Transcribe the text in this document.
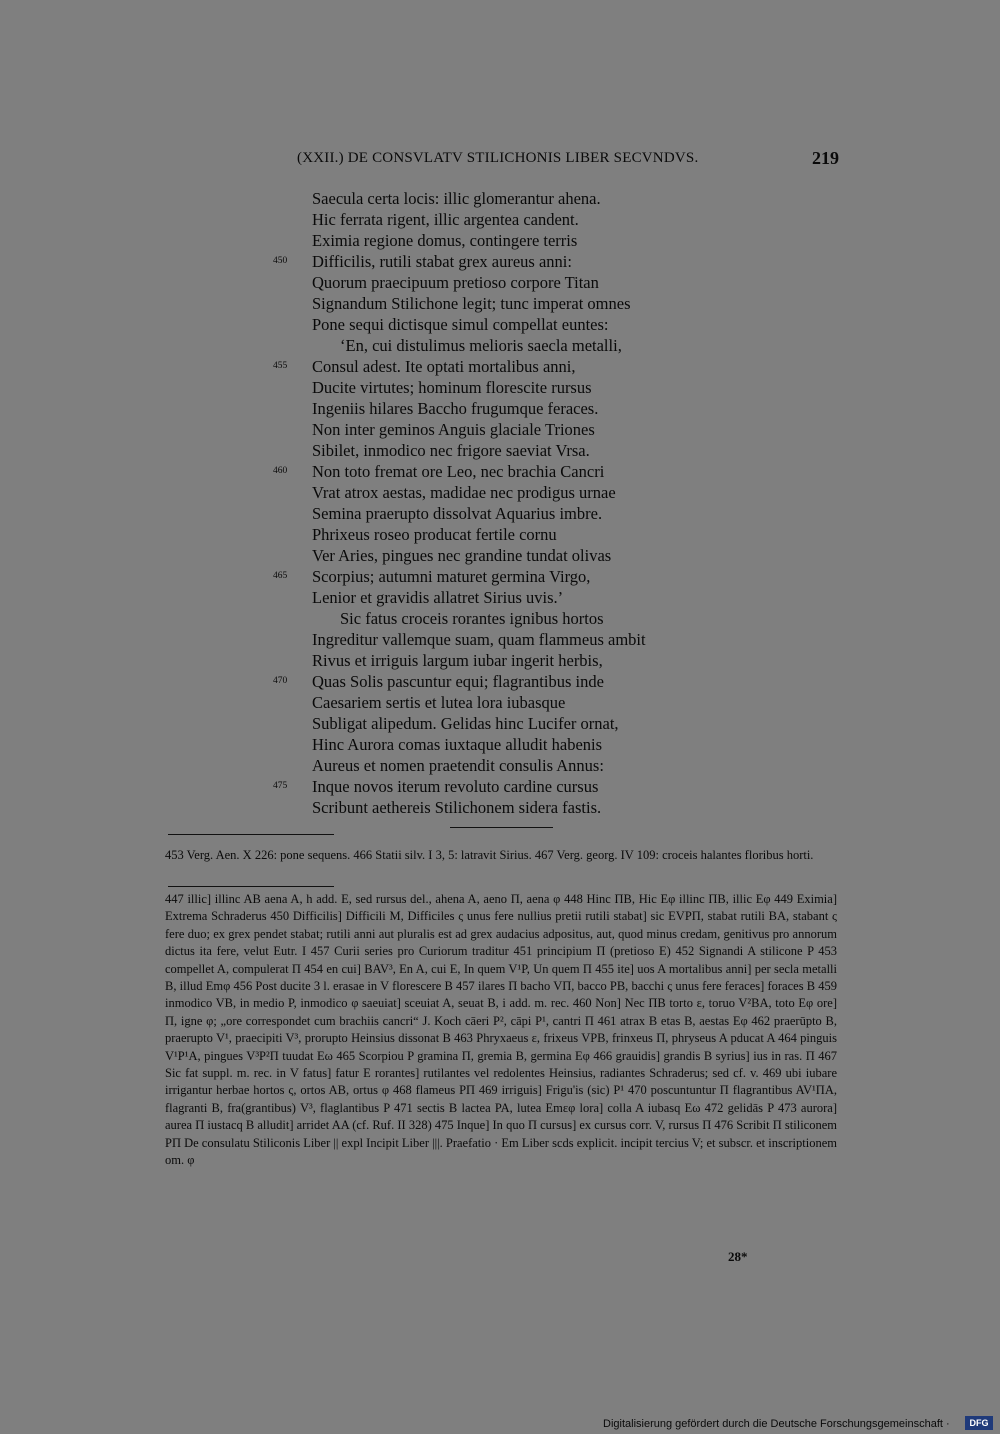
(XXII.) DE CONSVLATV STILICHONIS LIBER SECVNDVS.	219
Saecula certa locis: illic glomerantur ahena.
Hic ferrata rigent, illic argentea candent.
Eximia regione domus, contingere terris
450 Difficilis, rutili stabat grex aureus anni:
Quorum praecipuum pretioso corpore Titan
Signandum Stilichone legit; tunc imperat omnes
Pone sequi dictisque simul compellat euntes:
‘En, cui distulimus melioris saecla metalli,
455 Consul adest. Ite optati mortalibus anni,
Ducite virtutes; hominum florescite rursus
Ingeniis hilares Baccho frugumque feraces.
Non inter geminos Anguis glaciale Triones
Sibilet, inmodico nec frigore saeviat Vrsa.
460 Non toto fremat ore Leo, nec brachia Cancri
Vrat atrox aestas, madidae nec prodigus urnae
Semina praerupto dissolvat Aquarius imbre.
Phrixeus roseo producat fertile cornu
Ver Aries, pingues nec grandine tundat olivas
465 Scorpius; autumni maturet germina Virgo,
Lenior et gravidis allatret Sirius uvis.’
Sic fatus croceis rorantes ignibus hortos
Ingreditur vallemque suam, quam flammeus ambit
Rivus et irriguis largum iubar ingerit herbis,
470 Quas Solis pascuntur equi; flagrantibus inde
Caesariem sertis et lutea lora iubasque
Subligat alipedum. Gelidas hinc Lucifer ornat,
Hinc Aurora comas iuxtaque alludit habenis
Aureus et nomen praetendit consulis Annus:
475 Inque novos iterum revoluto cardine cursus
Scribunt aethereis Stilichonem sidera fastis.
453 Verg. Aen. X 226: pone sequens. 466 Statii silv. I 3, 5: latravit Sirius. 467 Verg. georg. IV 109: croceis halantes floribus horti.
447 illic] illinc AB aena A, h add. E, sed rursus del., ahena A, aeno Π, aena φ 448 Hinc ΠB, Hic Eφ illinc ΠB, illic Eφ 449 Eximia] Extrema Schraderus 450 Difficilis] Difficili M, Difficiles ς unus fere nullius pretii rutili stabat] sic EVPΠ, stabat rutili BA, stabant ς fere duo; ex grex pendet stabat; rutili anni aut pluralis est ad grex audacius adpositus, aut, quod minus credam, genitivus pro annorum dictus ita fere, velut Eutr. I 457 Curii series pro Curiorum traditur 451 principium Π (pretioso E) 452 Signandi A stilicone P 453 compellet A, compulerat Π 454 en cui] BAV³, En A, cui E, In quem V¹P, Un quem Π 455 ite] uos A mortalibus anni] per secla metalli B, illud Emφ 456 Post ducite 3 l. erasae in V florescere B 457 ilares Π bacho VΠ, bacco PB, bacchi ς unus fere feraces] foraces B 459 inmodico VB, in medio P, inmodico φ saeuiat] sceuiat A, seuat B, i add. m. rec. 460 Non] Nec ΠB torto ε, toruo V²BA, toto Eφ ore] Π, igne φ; „ore correspondet cum brachiis cancri“ J. Koch cāeri P², cāpi P¹, cantri Π 461 atrax B etas B, aestas Eφ 462 praerūpto B, praerupto V¹, praecipiti V³, prorupto Heinsius dissonat B 463 Phryxaeus ε, frixeus VPB, frinxeus Π, phryseus A pducat A 464 pinguis V¹P¹A, pingues V³P²Π tuudat Eω 465 Scorpiou P gramina Π, gremia B, germina Eφ 466 grauidis] grandis B syrius] ius in ras. Π 467 Sic fat suppl. m. rec. in V fatus] fatur E rorantes] rutilantes vel redolentes Heinsius, radiantes Schraderus; sed cf. v. 469 ubi iubare irrigantur herbae hortos ς, ortos AB, ortus φ 468 flameus PΠ 469 irriguis] Frigu'is (sic) P¹ 470 poscuntuntur Π flagrantibus AV¹ΠA, flagranti B, fra(grantibus) V³, flaglantibus P 471 sectis B lactea PA, lutea Emεφ lora] colla A iubasq Eω 472 gelidās P 473 aurora] aurea Π iustacq B alludit] arridet AA (cf. Ruf. II 328) 475 Inque] In quo Π cursus] ex cursus corr. V, rursus Π 476 Scribit Π stiliconem PΠ De consulatu Stiliconis Liber || expl Incipit Liber |||. Praefatio · Em Liber scds explicit. incipit tercius V; et subscr. et inscriptionem om. φ
28*
Digitalisierung gefördert durch die Deutsche Forschungsgemeinschaft ·	DFG
